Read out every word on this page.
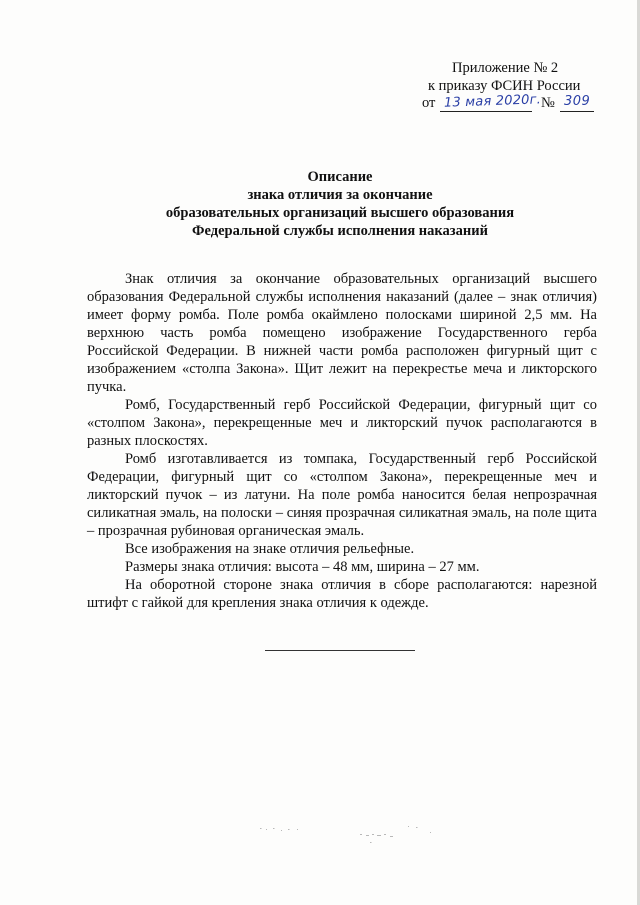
Приложение № 2
к приказу ФСИН России
от 13 мая 2020г. № 309
Описание
знака отличия за окончание
образовательных организаций высшего образования
Федеральной службы исполнения наказаний

Знак отличия за окончание образовательных организаций высшего образования Федеральной службы исполнения наказаний (далее – знак отличия) имеет форму ромба. Поле ромба окаймлено полосками шириной 2,5 мм. На верхнюю часть ромба помещено изображение Государственного герба Российской Федерации. В нижней части ромба расположен фигурный щит с изображением «столпа Закона». Щит лежит на перекрестье меча и ликторского пучка.

Ромб, Государственный герб Российской Федерации, фигурный щит со «столпом Закона», перекрещенные меч и ликторский пучок располагаются в разных плоскостях.

Ромб изготавливается из томпака, Государственный герб Российской Федерации, фигурный щит со «столпом Закона», перекрещенные меч и ликторский пучок – из латуни. На поле ромба наносится белая непрозрачная силикатная эмаль, на полоски – синяя прозрачная силикатная эмаль, на поле щита – прозрачная рубиновая органическая эмаль.

Все изображения на знаке отличия рельефные.

Размеры знака отличия: высота – 48 мм, ширина – 27 мм.

На оборотной стороне знака отличия в сборе располагаются: нарезной штифт с гайкой для крепления знака отличия к одежде.
